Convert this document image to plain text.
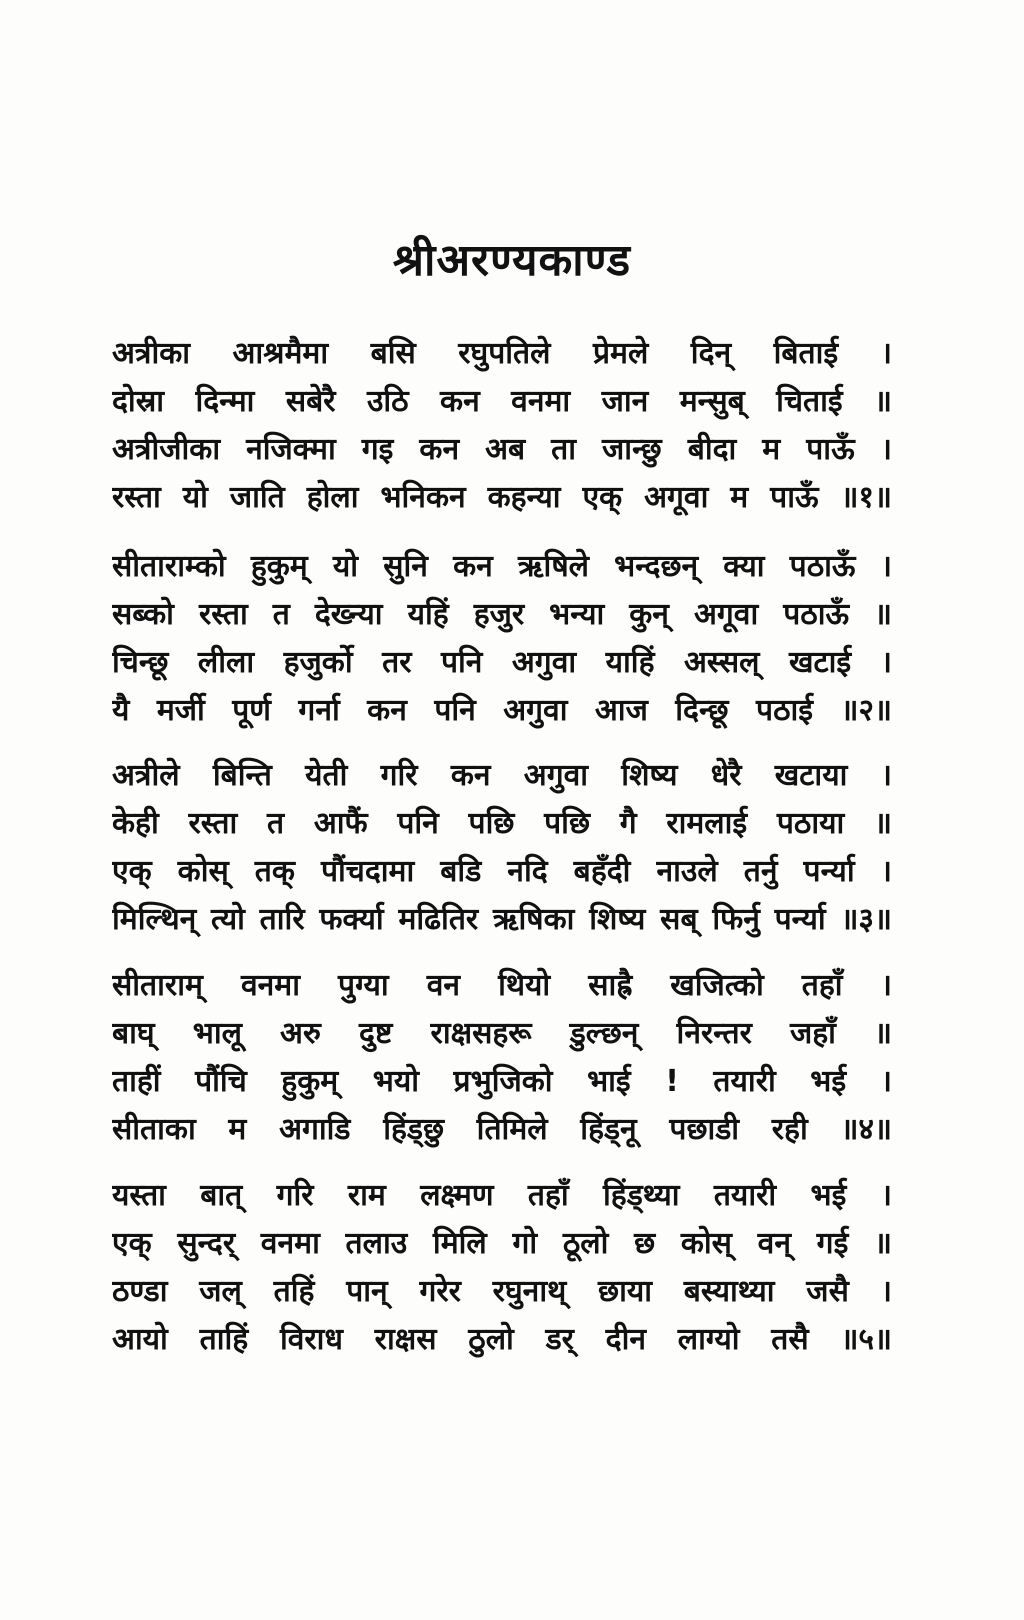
श्रीअरण्यकाण्ड
अत्रीका आश्रमैमा बसि रघुपतिले प्रेमले दिन् बिताई ।
दोस्रा दिन्मा सबेरै उठि कन वनमा जान मन्सुब् चिताई ॥
अत्रीजीका नजिक्मा गइ कन अब ता जान्छु बीदा म पाऊँ ।
रस्ता यो जाति होला भनिकन कहन्या एक् अगूवा म पाऊँ ॥१॥
सीताराम्को हुकुम् यो सुनि कन ऋषिले भन्दछन् क्या पठाऊँ ।
सब्को रस्ता त देख्न्या यहिं हजुर भन्या कुन् अगूवा पठाऊँ ॥
चिन्छू लीला हजुर्को तर पनि अगुवा याहिं अस्सल् खटाई ।
यै मर्जी पूर्ण गर्ना कन पनि अगुवा आज दिन्छू पठाई ॥२॥
अत्रीले बिन्ति येती गरि कन अगुवा शिष्य धेरै खटाया ।
केही रस्ता त आफैं पनि पछि पछि गै रामलाई पठाया ॥
एक् कोस् तक् पौंचदामा बडि नदि बहँदी नाउले तर्नु पर्न्या ।
मिल्थिन् त्यो तारि फर्क्या मढितिर ऋषिका शिष्य सब् फिर्नु पर्न्या ॥३॥
सीताराम् वनमा पुग्या वन थियो साह्रै खजित्को तहाँ ।
बाघ् भालू अरु दुष्ट राक्षसहरू डुल्छन् निरन्तर जहाँ ॥
ताहीं पौंचि हुकुम् भयो प्रभुजिको भाई ! तयारी भई ।
सीताका म अगाडि हिंड्छु तिमिले हिंड्नू पछाडी रही ॥४॥
यस्ता बात् गरि राम लक्ष्मण तहाँ हिंड्थ्या तयारी भई ।
एक् सुन्दर् वनमा तलाउ मिलि गो ठूलो छ कोस् वन् गई ॥
ठण्डा जल् तहिं पान् गरेर रघुनाथ् छाया बस्याथ्या जसै ।
आयो ताहिं विराध राक्षस ठुलो डर् दीन लाग्यो तसै ॥५॥
